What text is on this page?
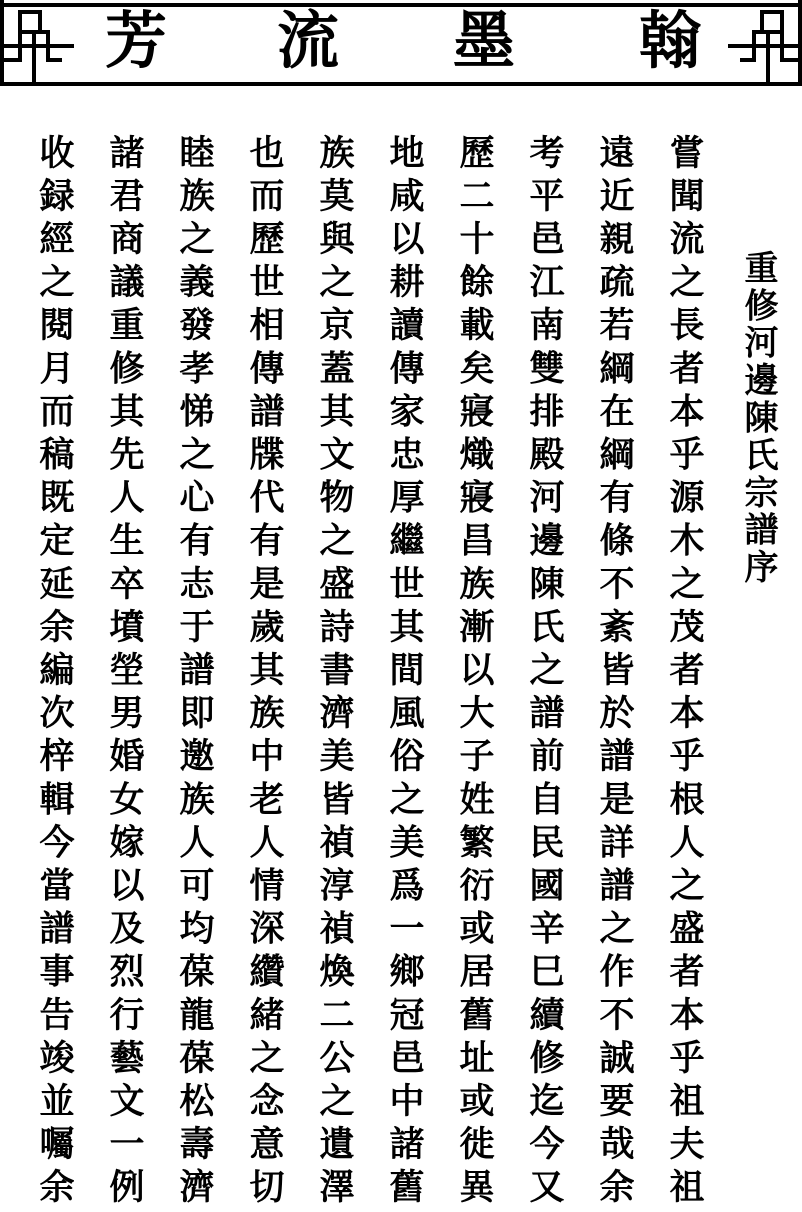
芳 流 墨 翰
重修河邊陳氏宗譜序
嘗聞流之長者本乎源木之茂者本乎根人之盛者本乎祖夫祖
遠近親疏若綱在綱有條不紊皆於譜是詳譜之作不誠要哉余
考平邑江南雙排殿河邊陳氏之譜前自民國辛巳續修迄今又
歷二十餘載矣寢熾寢昌族漸以大子姓繁衍或居舊址或徙異
地咸以耕讀傳家忠厚繼世其間風俗之美爲一鄉冠邑中諸舊
族莫與之京蓋其文物之盛詩書濟美皆禎淳禎煥二公之遺澤
也而歷世相傳譜牒代有是歲其族中老人情深纘緒之念意切
睦族之義發孝悌之心有志于譜即邀族人可均葆龍葆松壽濟
諸君商議重修其先人生卒墳塋男婚女嫁以及烈行藝文一例
收録經之閱月而稿既定延余編次梓輯今當譜事告竣並囑余
